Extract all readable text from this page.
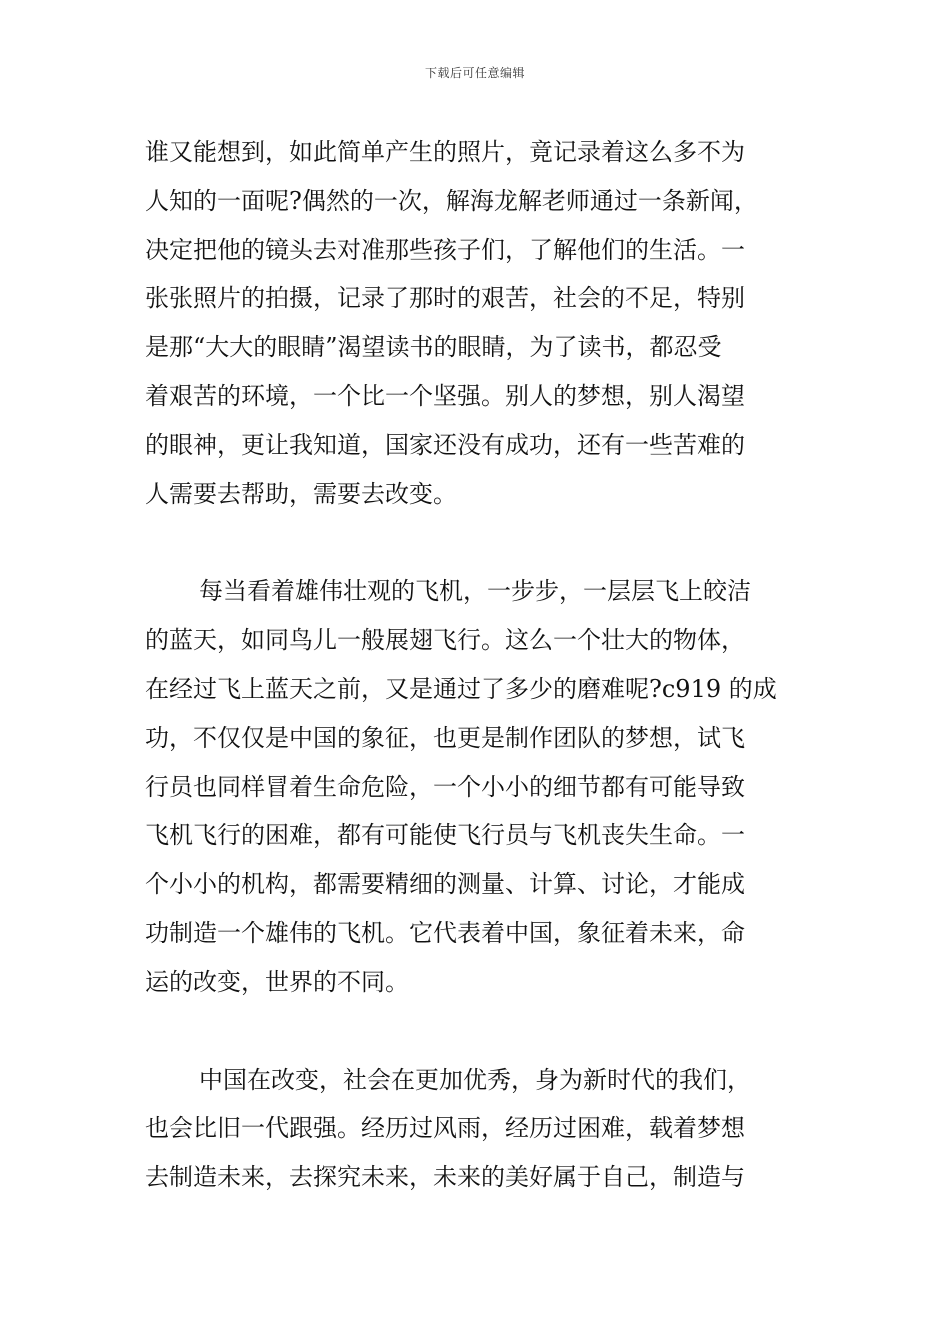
下载后可任意编辑
谁又能想到，如此简单产生的照片，竟记录着这么多不为
人知的一面呢?偶然的一次，解海龙解老师通过一条新闻，
决定把他的镜头去对准那些孩子们，了解他们的生活。一
张张照片的拍摄，记录了那时的艰苦，社会的不足，特别
是那“大大的眼睛”渴望读书的眼睛，为了读书，都忍受
着艰苦的环境，一个比一个坚强。别人的梦想，别人渴望
的眼神，更让我知道，国家还没有成功，还有一些苦难的
人需要去帮助，需要去改变。
每当看着雄伟壮观的飞机，一步步，一层层飞上皎洁
的蓝天，如同鸟儿一般展翅飞行。这么一个壮大的物体，
在经过飞上蓝天之前，又是通过了多少的磨难呢?c919 的成
功，不仅仅是中国的象征，也更是制作团队的梦想，试飞
行员也同样冒着生命危险，一个小小的细节都有可能导致
飞机飞行的困难，都有可能使飞行员与飞机丧失生命。一
个小小的机构，都需要精细的测量、计算、讨论，才能成
功制造一个雄伟的飞机。它代表着中国，象征着未来，命
运的改变，世界的不同。
中国在改变，社会在更加优秀，身为新时代的我们，
也会比旧一代跟强。经历过风雨，经历过困难，载着梦想
去制造未来，去探究未来，未来的美好属于自己，制造与
